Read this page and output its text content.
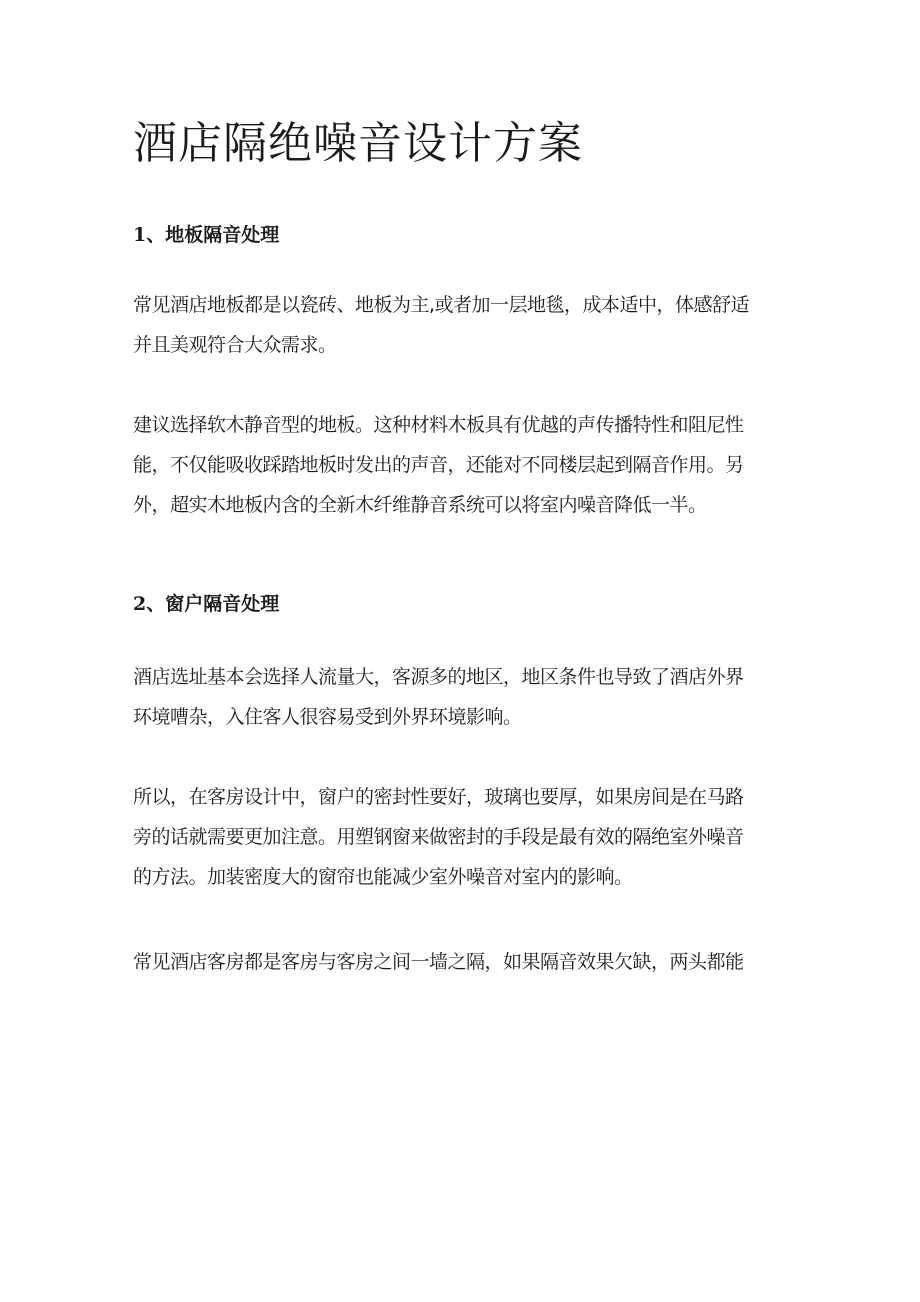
酒店隔绝噪音设计方案
1、地板隔音处理

常见酒店地板都是以瓷砖、地板为主,或者加一层地毯，成本适中，体感舒适
并且美观符合大众需求。

建议选择软木静音型的地板。这种材料木板具有优越的声传播特性和阻尼性
能，不仅能吸收踩踏地板时发出的声音，还能对不同楼层起到隔音作用。另
外，超实木地板内含的全新木纤维静音系统可以将室内噪音降低一半。

2、窗户隔音处理

酒店选址基本会选择人流量大，客源多的地区，地区条件也导致了酒店外界
环境嘈杂，入住客人很容易受到外界环境影响。

所以，在客房设计中，窗户的密封性要好，玻璃也要厚，如果房间是在马路
旁的话就需要更加注意。用塑钢窗来做密封的手段是最有效的隔绝室外噪音
的方法。加装密度大的窗帘也能减少室外噪音对室内的影响。

常见酒店客房都是客房与客房之间一墙之隔，如果隔音效果欠缺，两头都能
